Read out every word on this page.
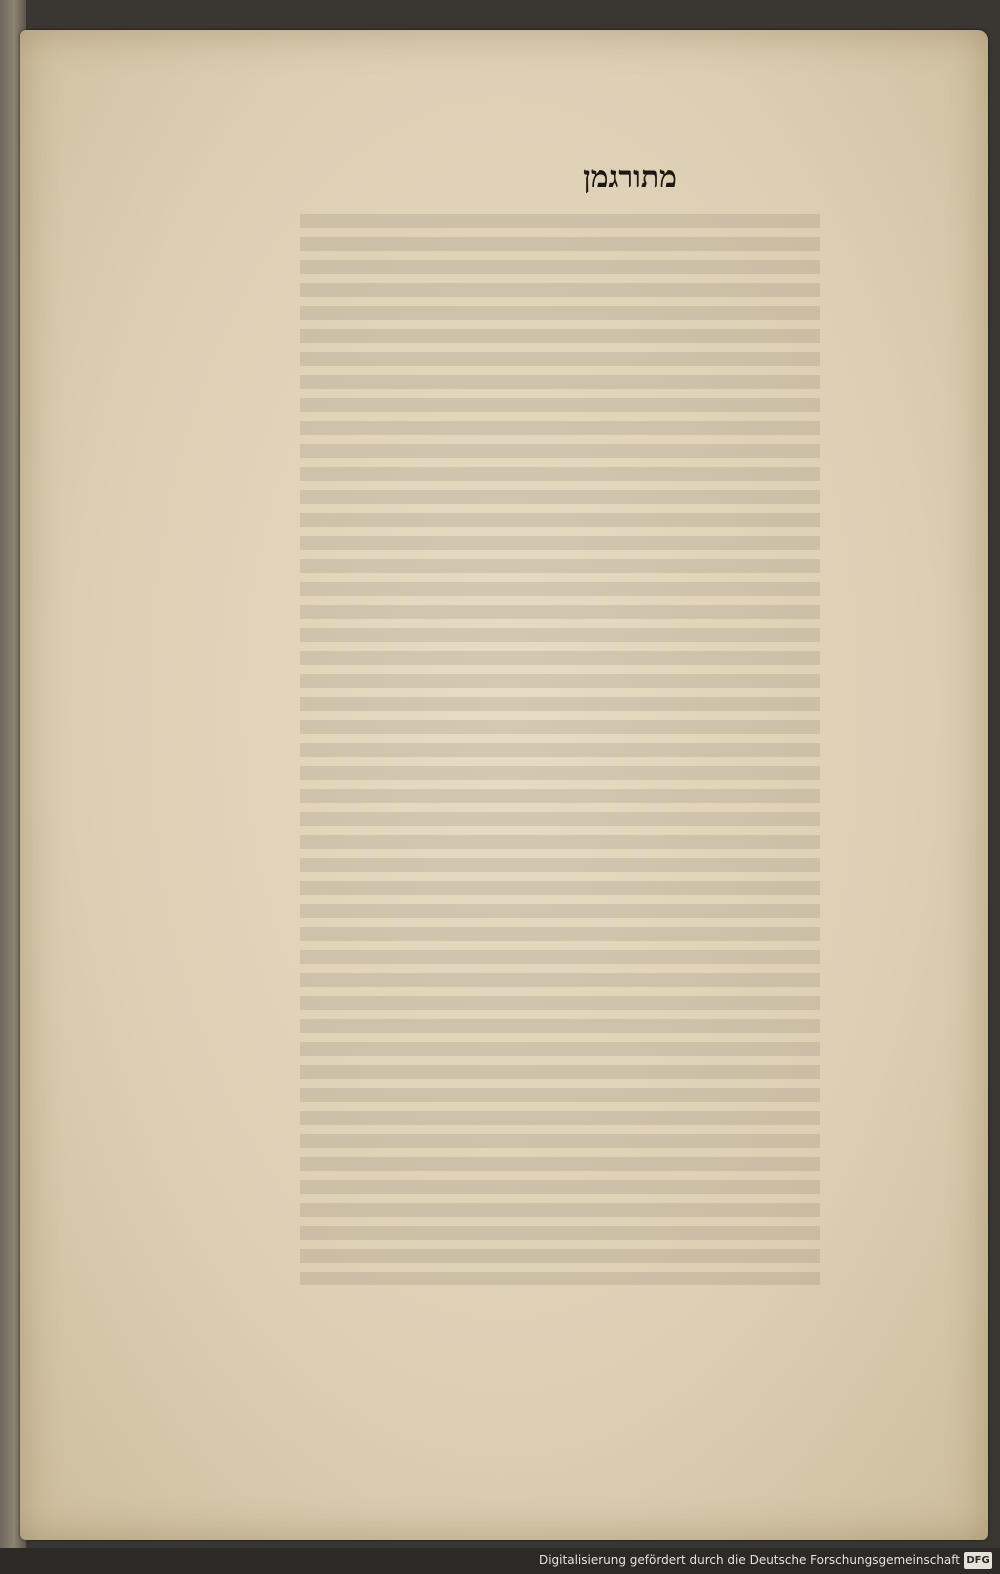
מתורגמן
Digitalisierung gefördert durch die Deutsche Forschungsgemeinschaft DFG
